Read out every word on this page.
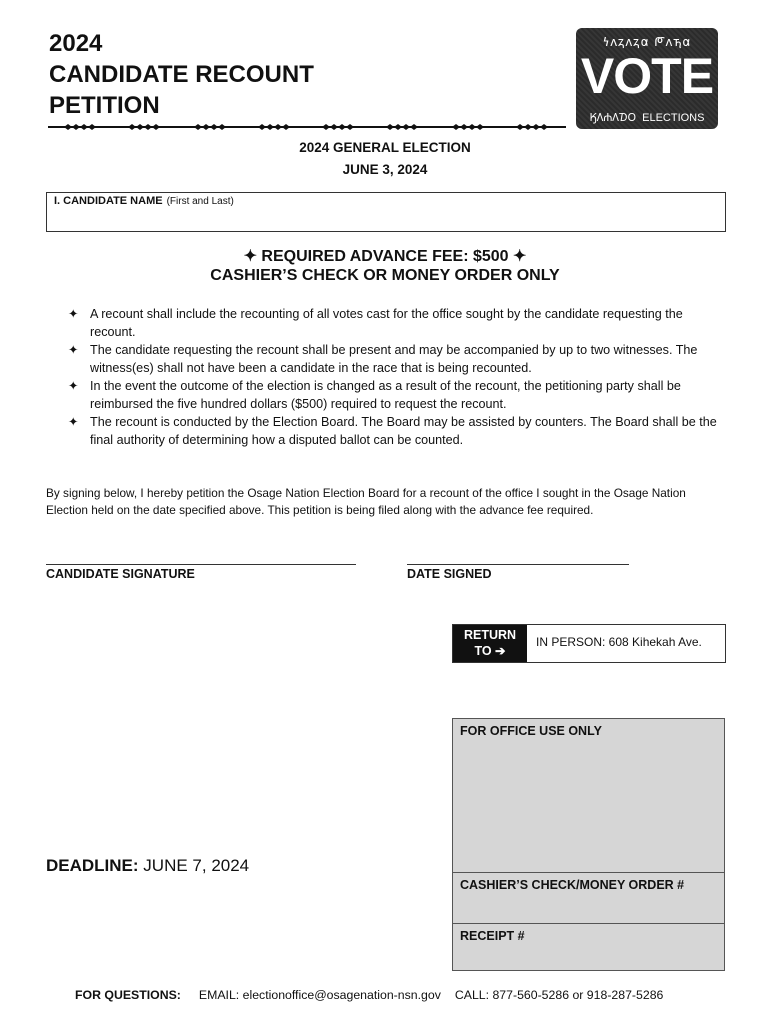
2024
CANDIDATE RECOUNT
PETITION
𐓏𐓘𐓻𐓘𐓻𐓟 𐓀𐓘𐓵𐓟
VOTE
𐒼𐒰𐓐𐒰𐓈𐓂 ELECTIONS
2024 GENERAL ELECTION
JUNE 3, 2024
I. CANDIDATE NAME (First and Last)
✦ REQUIRED ADVANCE FEE: $500 ✦
CASHIER’S CHECK OR MONEY ORDER ONLY
✦ A recount shall include the recounting of all votes cast for the office sought by the candidate requesting the recount.
✦ The candidate requesting the recount shall be present and may be accompanied by up to two witnesses. The witness(es) shall not have been a candidate in the race that is being recounted.
✦ In the event the outcome of the election is changed as a result of the recount, the petitioning party shall be reimbursed the five hundred dollars ($500) required to request the recount.
✦ The recount is conducted by the Election Board. The Board may be assisted by counters. The Board shall be the final authority of determining how a disputed ballot can be counted.
By signing below, I hereby petition the Osage Nation Election Board for a recount of the office I sought in the Osage Nation Election held on the date specified above. This petition is being filed along with the advance fee required.
CANDIDATE SIGNATURE	DATE SIGNED
RETURN
TO ➔
IN PERSON: 608 Kihekah Ave.
FOR OFFICE USE ONLY
CASHIER’S CHECK/MONEY ORDER #
RECEIPT #
DEADLINE: JUNE 7, 2024
FOR QUESTIONS: EMAIL: electionoffice@osagenation-nsn.gov CALL: 877-560-5286 or 918-287-5286
